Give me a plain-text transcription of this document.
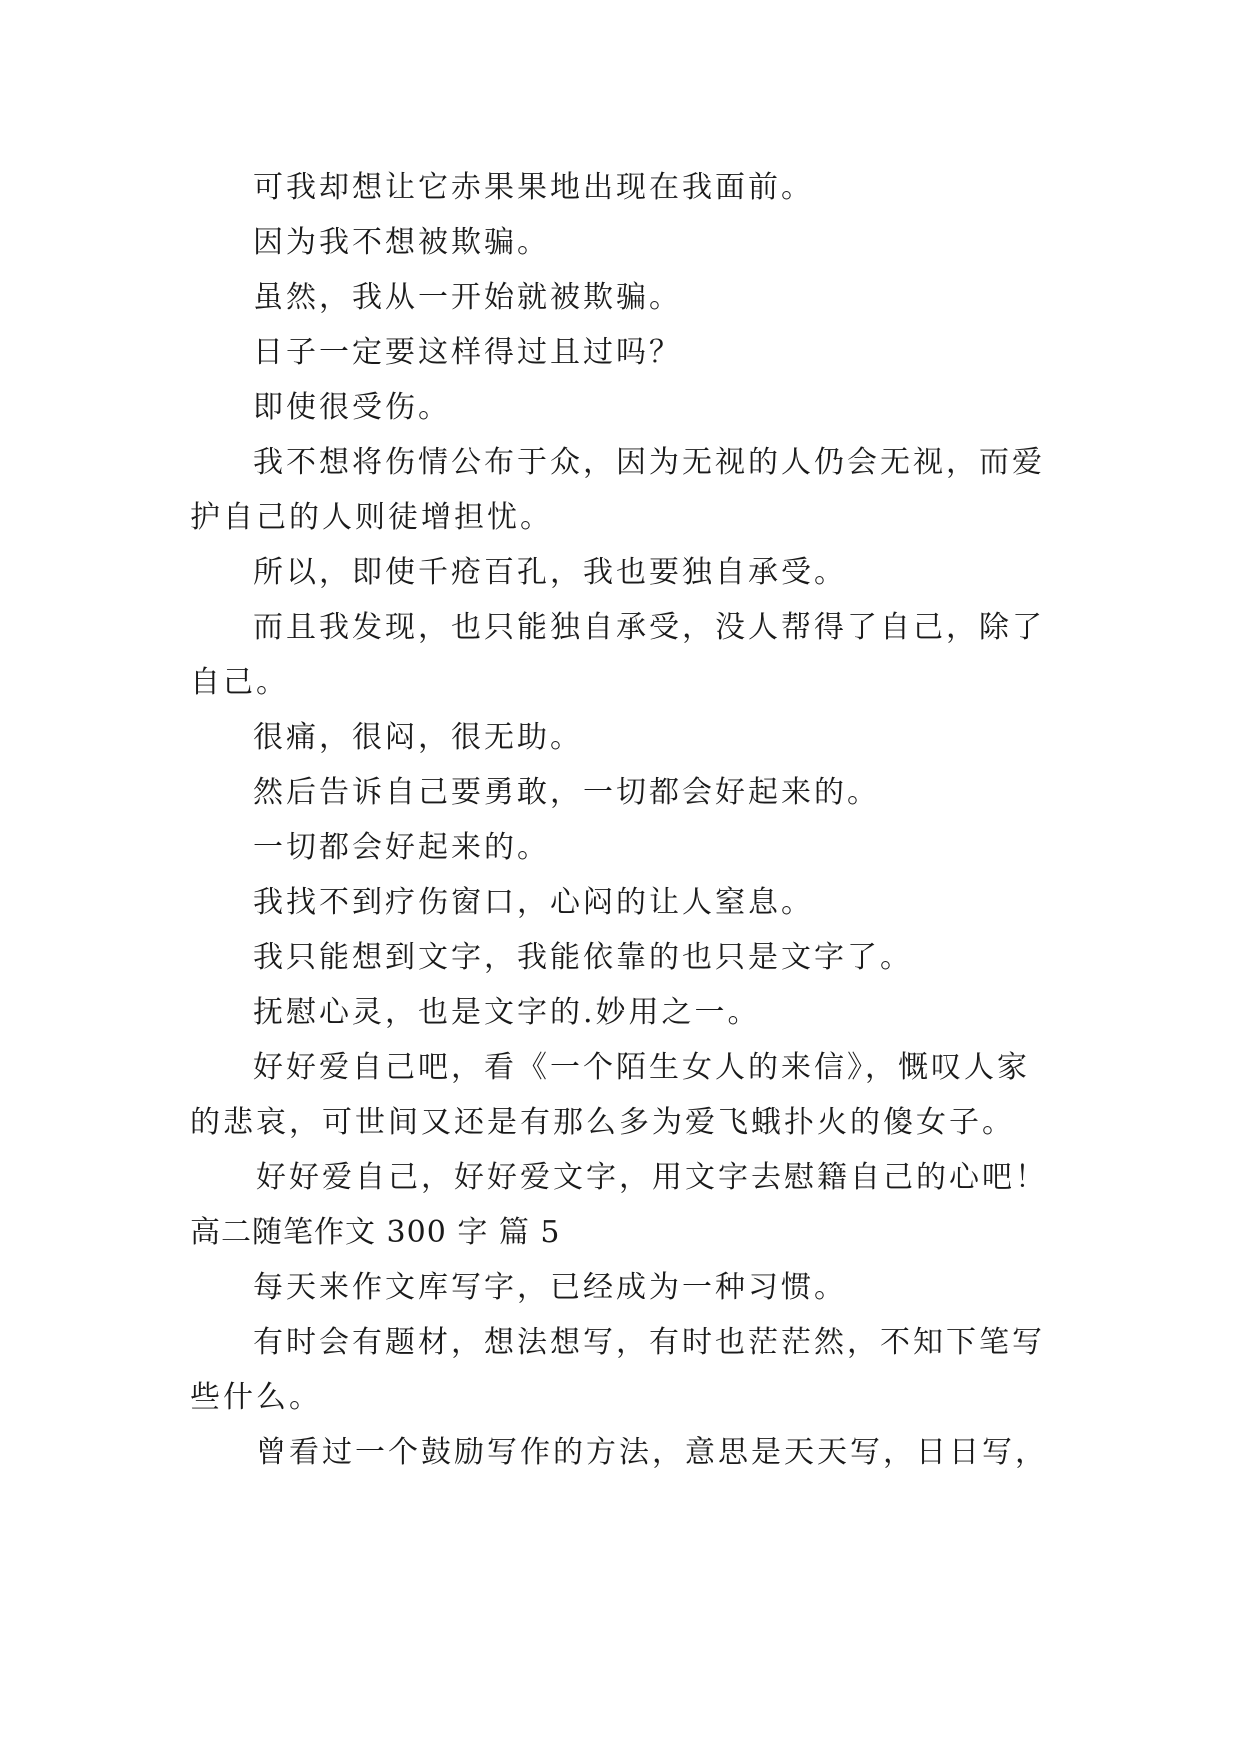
可我却想让它赤果果地出现在我面前。
因为我不想被欺骗。
虽然，我从一开始就被欺骗。
日子一定要这样得过且过吗？
即使很受伤。
我不想将伤情公布于众，因为无视的人仍会无视，而爱
护自己的人则徒增担忧。
所以，即使千疮百孔，我也要独自承受。
而且我发现，也只能独自承受，没人帮得了自己，除了
自己。
很痛，很闷，很无助。
然后告诉自己要勇敢，一切都会好起来的。
一切都会好起来的。
我找不到疗伤窗口，心闷的让人窒息。
我只能想到文字，我能依靠的也只是文字了。
抚慰心灵，也是文字的.妙用之一。
好好爱自己吧，看《一个陌生女人的来信》，慨叹人家
的悲哀，可世间又还是有那么多为爱飞蛾扑火的傻女子。
好好爱自己，好好爱文字，用文字去慰籍自己的心吧！
高二随笔作文 300 字 篇 5
每天来作文库写字，已经成为一种习惯。
有时会有题材，想法想写，有时也茫茫然，不知下笔写
些什么。
曾看过一个鼓励写作的方法，意思是天天写，日日写，
